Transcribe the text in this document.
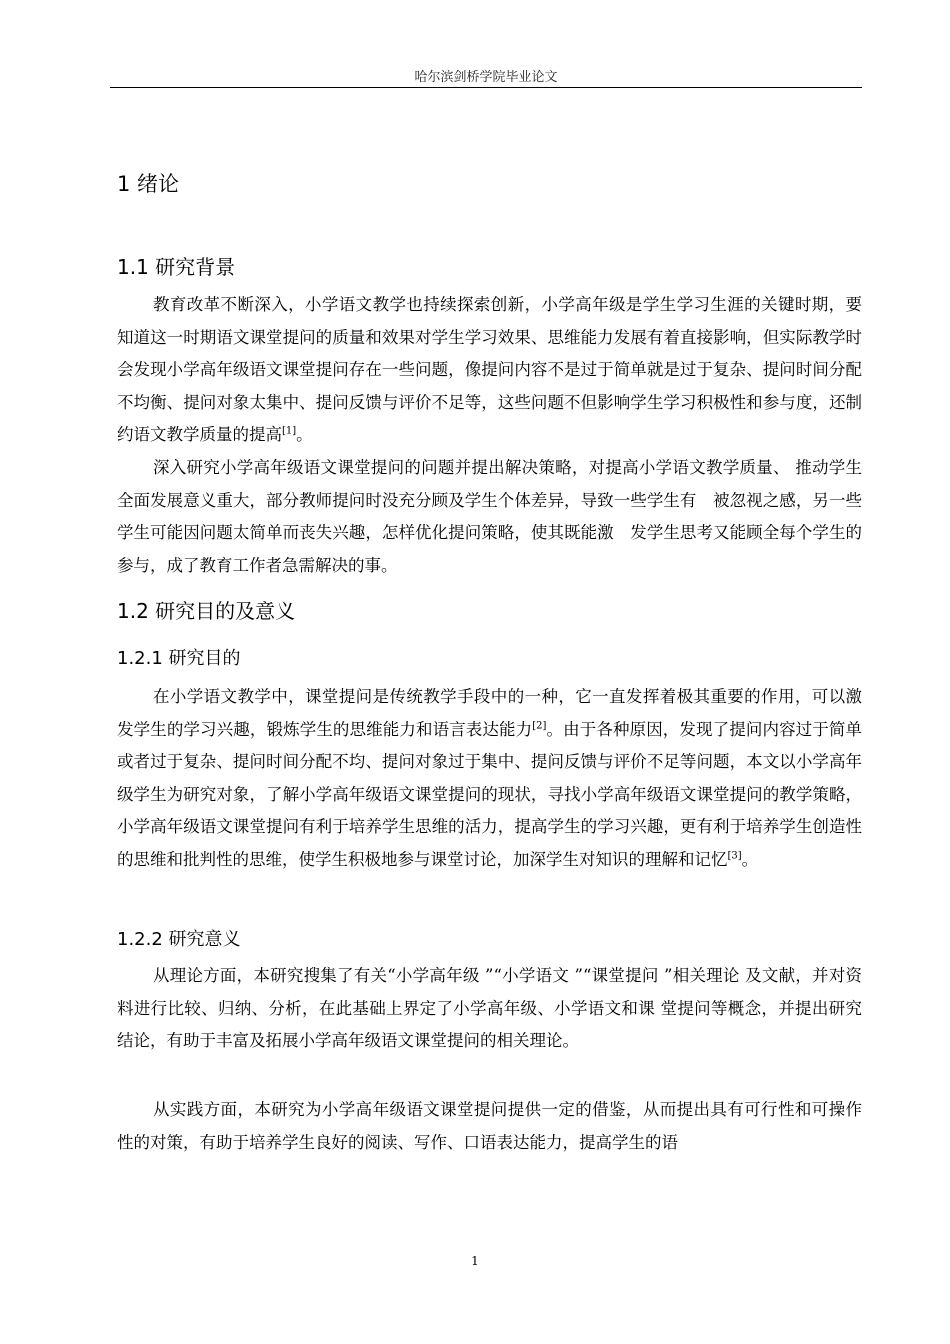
哈尔滨剑桥学院毕业论文
1 绪论
1.1 研究背景

教育改革不断深入，小学语文教学也持续探索创新，小学高年级是学生学习生涯的关键时期，要知道这一时期语文课堂提问的质量和效果对学生学习效果、思维能力发展有着直接影响，但实际教学时会发现小学高年级语文课堂提问存在一些问题，像提问内容不是过于简单就是过于复杂、提问时间分配不均衡、提问对象太集中、提问反馈与评价不足等，这些问题不但影响学生学习积极性和参与度，还制约语文教学质量的提高[1]。

深入研究小学高年级语文课堂提问的问题并提出解决策略，对提高小学语文教学质量、 推动学生全面发展意义重大，部分教师提问时没充分顾及学生个体差异，导致一些学生有　被忽视之感，另一些学生可能因问题太简单而丧失兴趣，怎样优化提问策略，使其既能激　发学生思考又能顾全每个学生的参与，成了教育工作者急需解决的事。

1.2 研究目的及意义
1.2.1 研究目的

在小学语文教学中，课堂提问是传统教学手段中的一种，它一直发挥着极其重要的作用，可以激发学生的学习兴趣，锻炼学生的思维能力和语言表达能力[2]。由于各种原因，发现了提问内容过于简单或者过于复杂、提问时间分配不均、提问对象过于集中、提问反馈与评价不足等问题，本文以小学高年级学生为研究对象，了解小学高年级语文课堂提问的现状，寻找小学高年级语文课堂提问的教学策略，小学高年级语文课堂提问有利于培养学生思维的活力，提高学生的学习兴趣，更有利于培养学生创造性的思维和批判性的思维，使学生积极地参与课堂讨论，加深学生对知识的理解和记忆[3]。

1.2.2 研究意义

从理论方面，本研究搜集了有关“小学高年级 ”“小学语文 ”“课堂提问 ”相关理论 及文献，并对资料进行比较、归纳、分析，在此基础上界定了小学高年级、小学语文和课 堂提问等概念，并提出研究结论，有助于丰富及拓展小学高年级语文课堂提问的相关理论。

从实践方面，本研究为小学高年级语文课堂提问提供一定的借鉴，从而提出具有可行性和可操作性的对策，有助于培养学生良好的阅读、写作、口语表达能力，提高学生的语

1
